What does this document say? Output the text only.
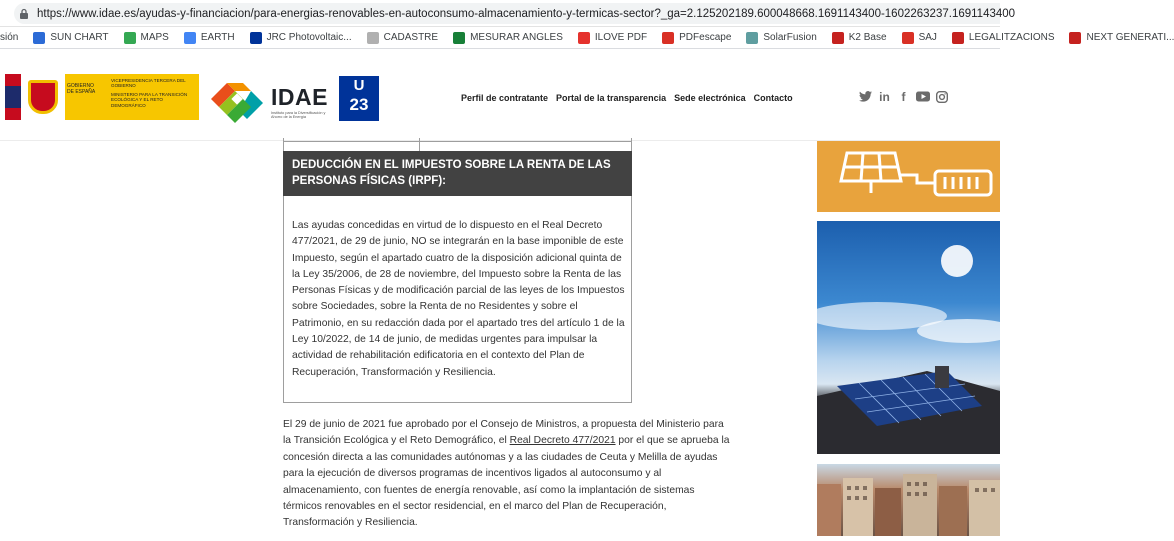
https://www.idae.es/ayudas-y-financiacion/para-energias-renovables-en-autoconsumo-almacenamiento-y-termicas-sector?_ga=2.125202189.600048668.1691143400-1602263237.1691143400
sión	SUN CHART	MAPS	EARTH	JRC Photovoltaic...	CADASTRE	MESURAR ANGLES	ILOVE PDF	PDFescape	SolarFusion	K2 Base	SAJ	LEGALITZACIONS	NEXT GENERATI...
GOBIERNO DE ESPAÑA
VICEPRESIDENCIA TERCERA DEL GOBIERNO
MINISTERIO PARA LA TRANSICIÓN ECOLÓGICA Y EL RETO DEMOGRÁFICO	IDAE
Instituto para la Diversificación y Ahorro de la Energía
U
23	Perfil de contratante Portal de la transparencia Sede electrónica Contacto	in f
DEDUCCIÓN EN EL IMPUESTO SOBRE LA RENTA DE LAS PERSONAS FÍSICAS (IRPF):
Las ayudas concedidas en virtud de lo dispuesto en el Real Decreto 477/2021, de 29 de junio, NO se integrarán en la base imponible de este Impuesto, según el apartado cuatro de la disposición adicional quinta de la Ley 35/2006, de 28 de noviembre, del Impuesto sobre la Renta de las Personas Físicas y de modificación parcial de las leyes de los Impuestos sobre Sociedades, sobre la Renta de no Residentes y sobre el Patrimonio, en su redacción dada por el apartado tres del artículo 1 de la Ley 10/2022, de 14 de junio, de medidas urgentes para impulsar la actividad de rehabilitación edificatoria en el contexto del Plan de Recuperación, Transformación y Resiliencia.

El 29 de junio de 2021 fue aprobado por el Consejo de Ministros, a propuesta del Ministerio para la Transición Ecológica y el Reto Demográfico, el Real Decreto 477/2021 por el que se aprueba la concesión directa a las comunidades autónomas y a las ciudades de Ceuta y Melilla de ayudas para la ejecución de diversos programas de incentivos ligados al autoconsumo y al almacenamiento, con fuentes de energía renovable, así como la implantación de sistemas térmicos renovables en el sector residencial, en el marco del Plan de Recuperación, Transformación y Resiliencia.
